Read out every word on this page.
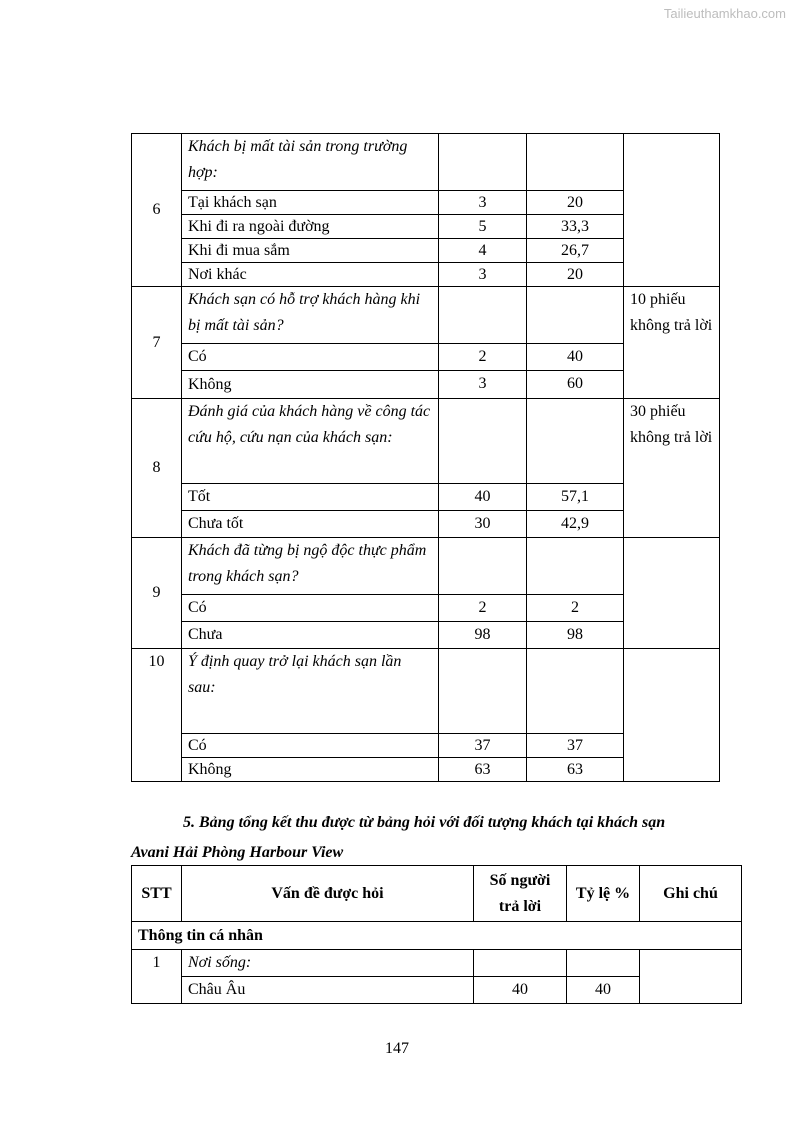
Tailieuthamkhao.com
6	Khách bị mất tài sản trong trường hợp:			
	Tại khách sạn	3	20	
	Khi đi ra ngoài đường	5	33,3	
	Khi đi mua sắm	4	26,7	
	Nơi khác	3	20	
7	Khách sạn có hỗ trợ khách hàng khi bị mất tài sản?			10 phiếu không trả lời
	Có	2	40	
	Không	3	60	
8	Đánh giá của khách hàng về công tác cứu hộ, cứu nạn của khách sạn:			30 phiếu không trả lời
	Tốt	40	57,1	
	Chưa tốt	30	42,9	
9	Khách đã từng bị ngộ độc thực phẩm trong khách sạn?			
	Có	2	2	
	Chưa	98	98	
10	Ý định quay trở lại khách sạn lần sau:			
	Có	37	37	
	Không	63	63	
5. Bảng tổng kết thu được từ bảng hỏi với đối tượng khách tại khách sạn
Avani Hải Phòng Harbour View
STT	Vấn đề được hỏi	Số người trả lời	Tỷ lệ %	Ghi chú
Thông tin cá nhân				
1	Nơi sống:			
	Châu Âu	40	40	
147
